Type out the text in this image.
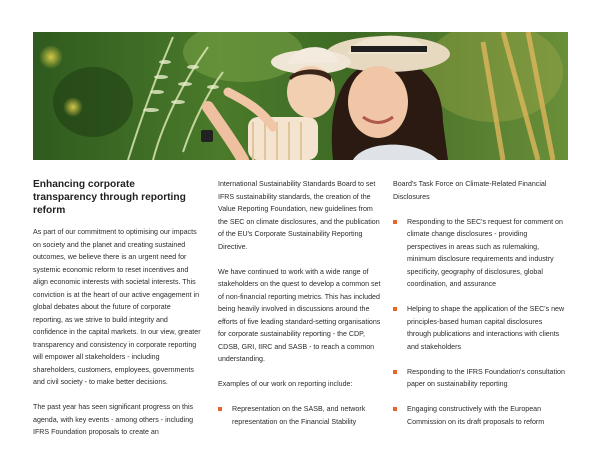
Enhancing corporate transparency through reporting reform

As part of our commitment to optimising our impacts on society and the planet and creating sustained outcomes, we believe there is an urgent need for systemic economic reform to reset incentives and align economic interests with societal interests. This conviction is at the heart of our active engagement in global debates about the future of corporate reporting, as we strive to build integrity and confidence in the capital markets. In our view, greater transparency and consistency in corporate reporting will empower all stakeholders - including shareholders, customers, employees, governments and civil society - to make better decisions.

The past year has seen significant progress on this agenda, with key events - among others - including IFRS Foundation proposals to create an

International Sustainability Standards Board to set IFRS sustainability standards, the creation of the Value Reporting Foundation, new guidelines from the SEC on climate disclosures, and the publication of the EU's Corporate Sustainability Reporting Directive.

We have continued to work with a wide range of stakeholders on the quest to develop a common set of non-financial reporting metrics. This has included being heavily involved in discussions around the efforts of five leading standard-setting organisations for corporate sustainability reporting - the CDP, CDSB, GRI, IIRC and SASB - to reach a common understanding.

Examples of our work on reporting include:

Representation on the SASB, and network representation on the Financial Stability

Board's Task Force on Climate-Related Financial Disclosures

Responding to the SEC's request for comment on climate change disclosures - providing perspectives in areas such as rulemaking, minimum disclosure requirements and industry specificity, geography of disclosures, global coordination, and assurance

Helping to shape the application of the SEC's new principles-based human capital disclosures through publications and interactions with clients and stakeholders

Responding to the IFRS Foundation's consultation paper on sustainability reporting

Engaging constructively with the European Commission on its draft proposals to reform
